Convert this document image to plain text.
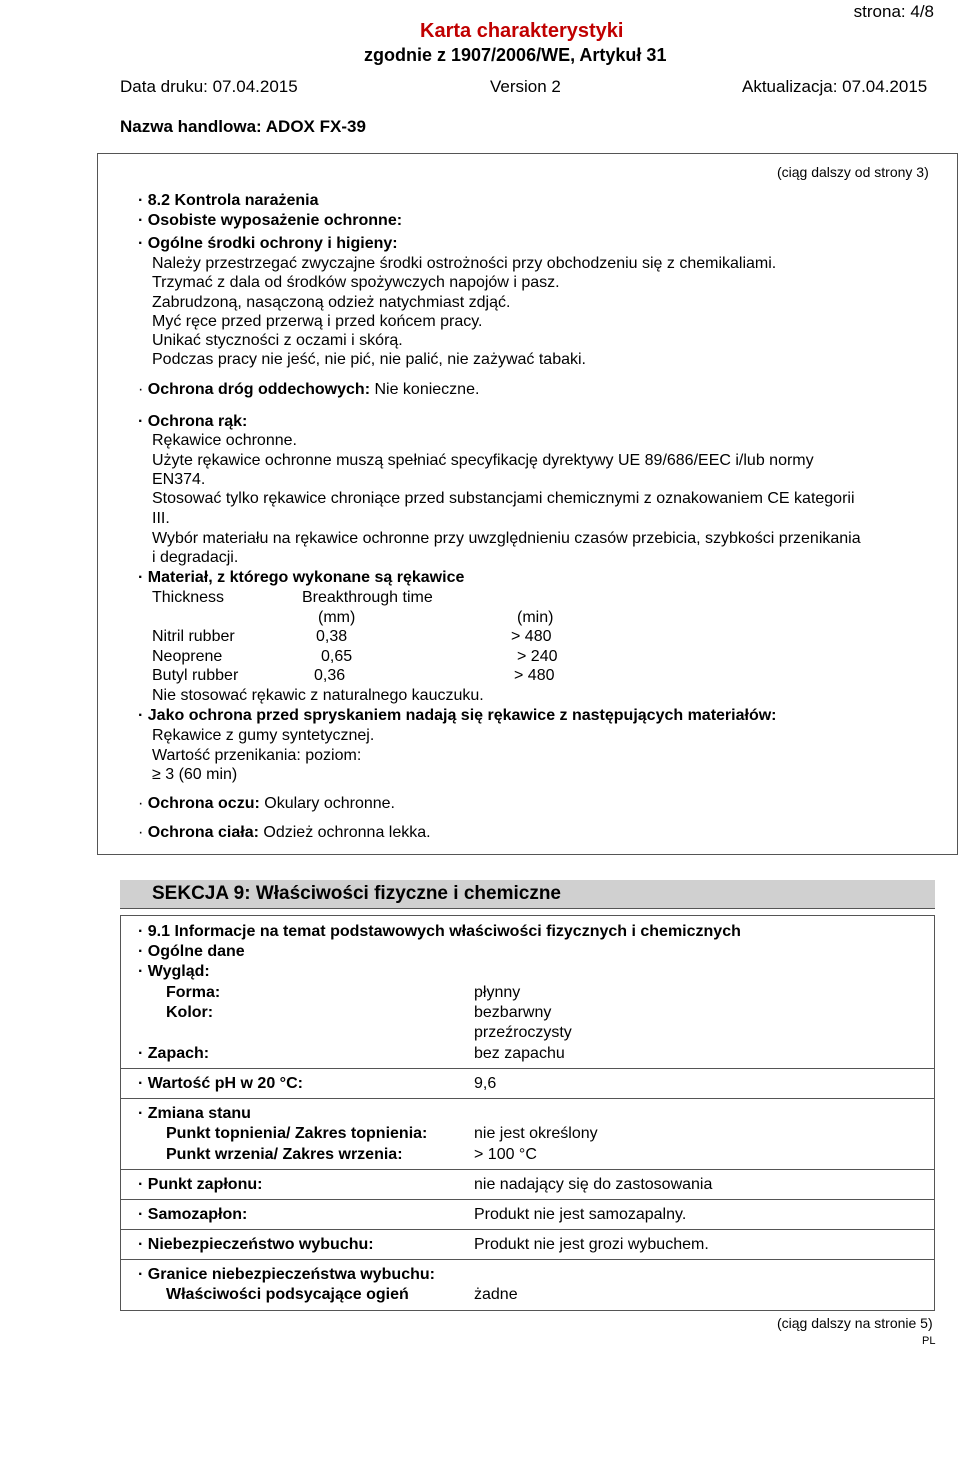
strona: 4/8
Karta charakterystyki
zgodnie z 1907/2006/WE, Artykuł 31
Data druku: 07.04.2015	Version 2	Aktualizacja: 07.04.2015
Nazwa handlowa: ADOX FX-39
(ciąg dalszy od strony 3)
· 8.2 Kontrola narażenia
· Osobiste wyposażenie ochronne:
· Ogólne środki ochrony i higieny:
Należy przestrzegać zwyczajne środki ostrożności przy obchodzeniu się z chemikaliami.
Trzymać z dala od środków spożywczych napojów i pasz.
Zabrudzoną, nasączoną odzież natychmiast zdjąć.
Myć ręce przed przerwą i przed końcem pracy.
Unikać styczności z oczami i skórą.
Podczas pracy nie jeść, nie pić, nie palić, nie zażywać tabaki.
· Ochrona dróg oddechowych: Nie konieczne.
· Ochrona rąk:
Rękawice ochronne.
Użyte rękawice ochronne muszą spełniać specyfikację dyrektywy UE 89/686/EEC i/lub normy
EN374.
Stosować tylko rękawice chroniące przed substancjami chemicznymi z oznakowaniem CE kategorii
III.
Wybór materiału na rękawice ochronne przy uwzględnieniu czasów przebicia, szybkości przenikania
i degradacji.
· Materiał, z którego wykonane są rękawice
Thickness	Breakthrough time
(mm)	(min)
Nitril rubber	0,38	> 480
Neoprene	0,65	> 240
Butyl rubber	0,36	> 480
Nie stosować rękawic z naturalnego kauczuku.
· Jako ochrona przed spryskaniem nadają się rękawice z następujących materiałów:
Rękawice z gumy syntetycznej.
Wartość przenikania: poziom:
≥ 3 (60 min)
· Ochrona oczu: Okulary ochronne.
· Ochrona ciała: Odzież ochronna lekka.
SEKCJA 9: Właściwości fizyczne i chemiczne
· 9.1 Informacje na temat podstawowych właściwości fizycznych i chemicznych
· Ogólne dane
· Wygląd:
Forma:	płynny
Kolor:	bezbarwny
przeźroczysty
· Zapach:	bez zapachu
· Wartość pH w 20 °C:	9,6
· Zmiana stanu
Punkt topnienia/ Zakres topnienia:	nie jest określony
Punkt wrzenia/ Zakres wrzenia:	> 100 °C
· Punkt zapłonu:	nie nadający się do zastosowania
· Samozapłon:	Produkt nie jest samozapalny.
· Niebezpieczeństwo wybuchu:	Produkt nie jest grozi wybuchem.
· Granice niebezpieczeństwa wybuchu:
Właściwości podsycające ogień	żadne
(ciąg dalszy na stronie 5)
PL
